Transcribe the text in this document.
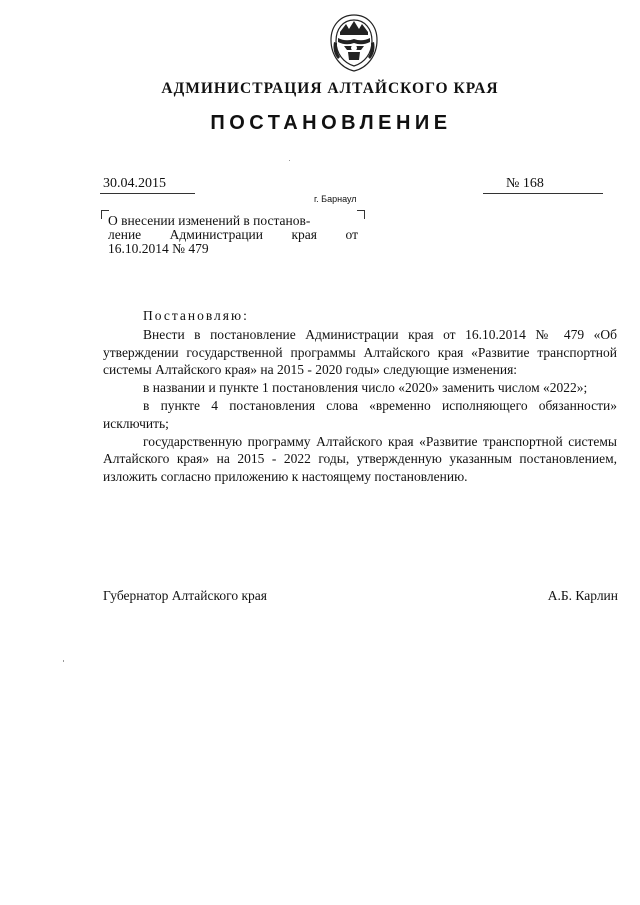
АДМИНИСТРАЦИЯ АЛТАЙСКОГО КРАЯ
ПОСТАНОВЛЕНИЕ
30.04.2015	№ 168
г. Барнаул
О внесении изменений в постанов-
ление Администрации края от
16.10.2014 № 479

Постановляю:

Внести в постановление Администрации края от 16.10.2014 № 479 «Об утверждении государственной программы Алтайского края «Развитие транспортной системы Алтайского края» на 2015 - 2020 годы» следующие изменения:

в названии и пункте 1 постановления число «2020» заменить числом «2022»;

в пункте 4 постановления слова «временно исполняющего обязанности» исключить;

государственную программу Алтайского края «Развитие транспортной системы Алтайского края» на 2015 - 2022 годы, утвержденную указанным постановлением, изложить согласно приложению к настоящему постановлению.

Губернатор Алтайского края	А.Б. Карлин
